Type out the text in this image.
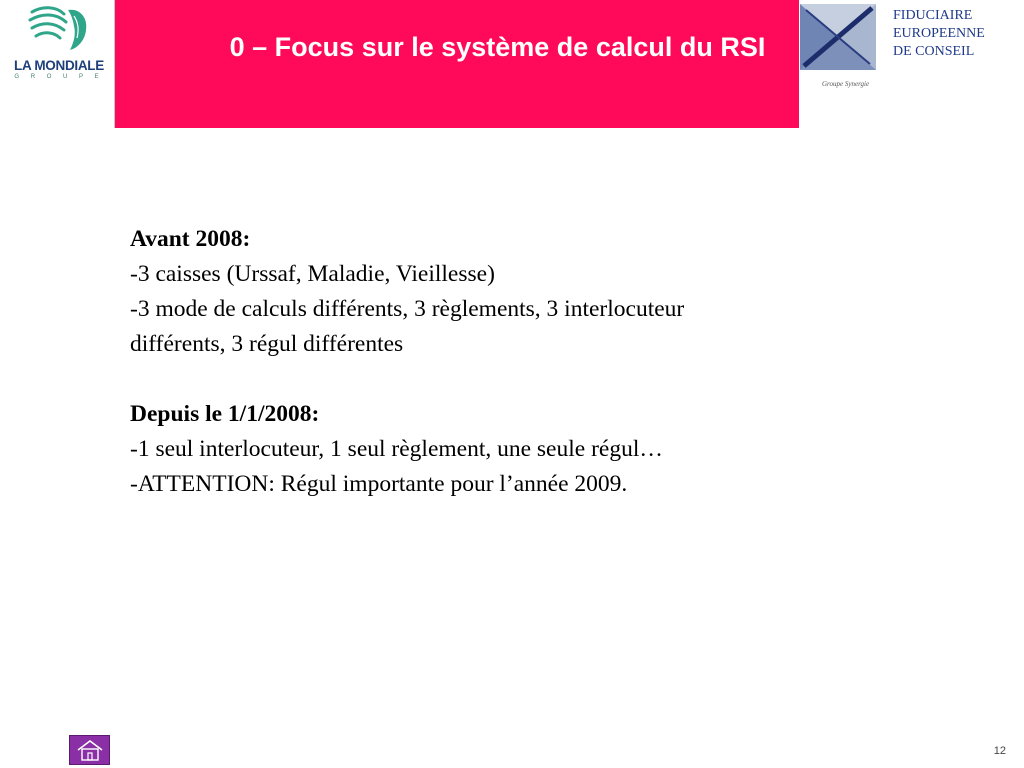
LA MONDIALE
G R O U P E
0 – Focus sur le système de calcul du RSI
Groupe Synergie
FIDUCIAIRE
EUROPEENNE
DE CONSEIL
Avant 2008:
-3 caisses (Urssaf, Maladie, Vieillesse)
-3 mode de calculs différents, 3 règlements, 3 interlocuteur différents, 3 régul différentes
Depuis le 1/1/2008:
-1 seul interlocuteur, 1 seul règlement, une seule régul…
-ATTENTION: Régul importante pour l’année 2009.
12
